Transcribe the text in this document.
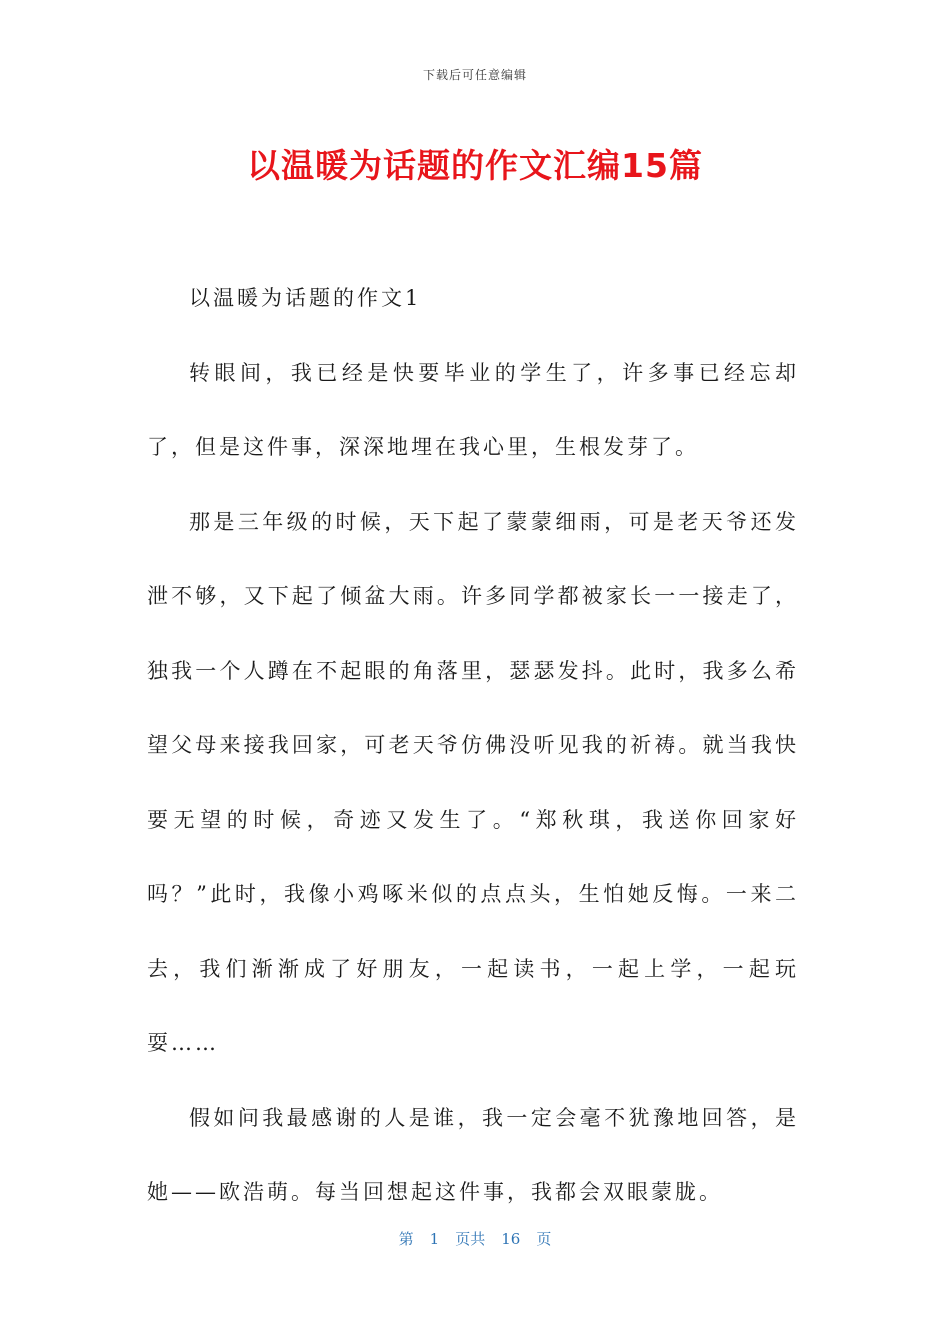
下载后可任意编辑
以温暖为话题的作文汇编15篇

以温暖为话题的作文1

转眼间，我已经是快要毕业的学生了，许多事已经忘却了，但是这件事，深深地埋在我心里，生根发芽了。

那是三年级的时候，天下起了蒙蒙细雨，可是老天爷还发泄不够，又下起了倾盆大雨。许多同学都被家长一一接走了，独我一个人蹲在不起眼的角落里，瑟瑟发抖。此时，我多么希望父母来接我回家，可老天爷仿佛没听见我的祈祷。就当我快要无望的时候，奇迹又发生了。“郑秋琪，我送你回家好吗？”此时，我像小鸡啄米似的点点头，生怕她反悔。一来二去，我们渐渐成了好朋友，一起读书，一起上学，一起玩耍……

假如问我最感谢的人是谁，我一定会毫不犹豫地回答，是她——欧浩萌。每当回想起这件事，我都会双眼蒙胧。

第 1 页共 16 页
